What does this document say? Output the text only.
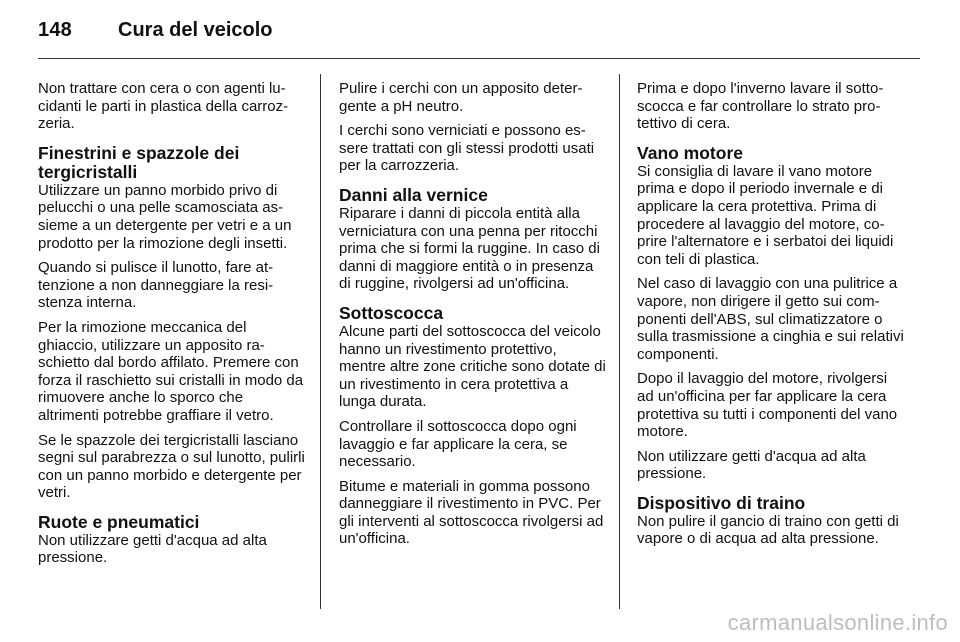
148 Cura del veicolo

Non trattare con cera o con agenti lucidanti le parti in plastica della carrozzeria.

Finestrini e spazzole dei tergicristalli

Utilizzare un panno morbido privo di pelucchi o una pelle scamosciata assieme a un detergente per vetri e a un prodotto per la rimozione degli insetti.

Quando si pulisce il lunotto, fare attenzione a non danneggiare la resistenza interna.

Per la rimozione meccanica del ghiaccio, utilizzare un apposito raschietto dal bordo affilato. Premere con forza il raschietto sui cristalli in modo da rimuovere anche lo sporco che altrimenti potrebbe graffiare il vetro.

Se le spazzole dei tergicristalli lasciano segni sul parabrezza o sul lunotto, pulirli con un panno morbido e detergente per vetri.

Ruote e pneumatici

Non utilizzare getti d'acqua ad alta pressione.

Pulire i cerchi con un apposito detergente a pH neutro.

I cerchi sono verniciati e possono essere trattati con gli stessi prodotti usati per la carrozzeria.

Danni alla vernice

Riparare i danni di piccola entità alla verniciatura con una penna per ritocchi prima che si formi la ruggine. In caso di danni di maggiore entità o in presenza di ruggine, rivolgersi ad un'officina.

Sottoscocca

Alcune parti del sottoscocca del veicolo hanno un rivestimento protettivo, mentre altre zone critiche sono dotate di un rivestimento in cera protettiva a lunga durata.

Controllare il sottoscocca dopo ogni lavaggio e far applicare la cera, se necessario.

Bitume e materiali in gomma possono danneggiare il rivestimento in PVC. Per gli interventi al sottoscocca rivolgersi ad un'officina.

Prima e dopo l'inverno lavare il sottoscocca e far controllare lo strato protettivo di cera.

Vano motore

Si consiglia di lavare il vano motore prima e dopo il periodo invernale e di applicare la cera protettiva. Prima di procedere al lavaggio del motore, coprire l'alternatore e i serbatoi dei liquidi con teli di plastica.

Nel caso di lavaggio con una pulitrice a vapore, non dirigere il getto sui componenti dell'ABS, sul climatizzatore o sulla trasmissione a cinghia e sui relativi componenti.

Dopo il lavaggio del motore, rivolgersi ad un'officina per far applicare la cera protettiva su tutti i componenti del vano motore.

Non utilizzare getti d'acqua ad alta pressione.

Dispositivo di traino

Non pulire il gancio di traino con getti di vapore o di acqua ad alta pressione.

carmanualsonline.info
